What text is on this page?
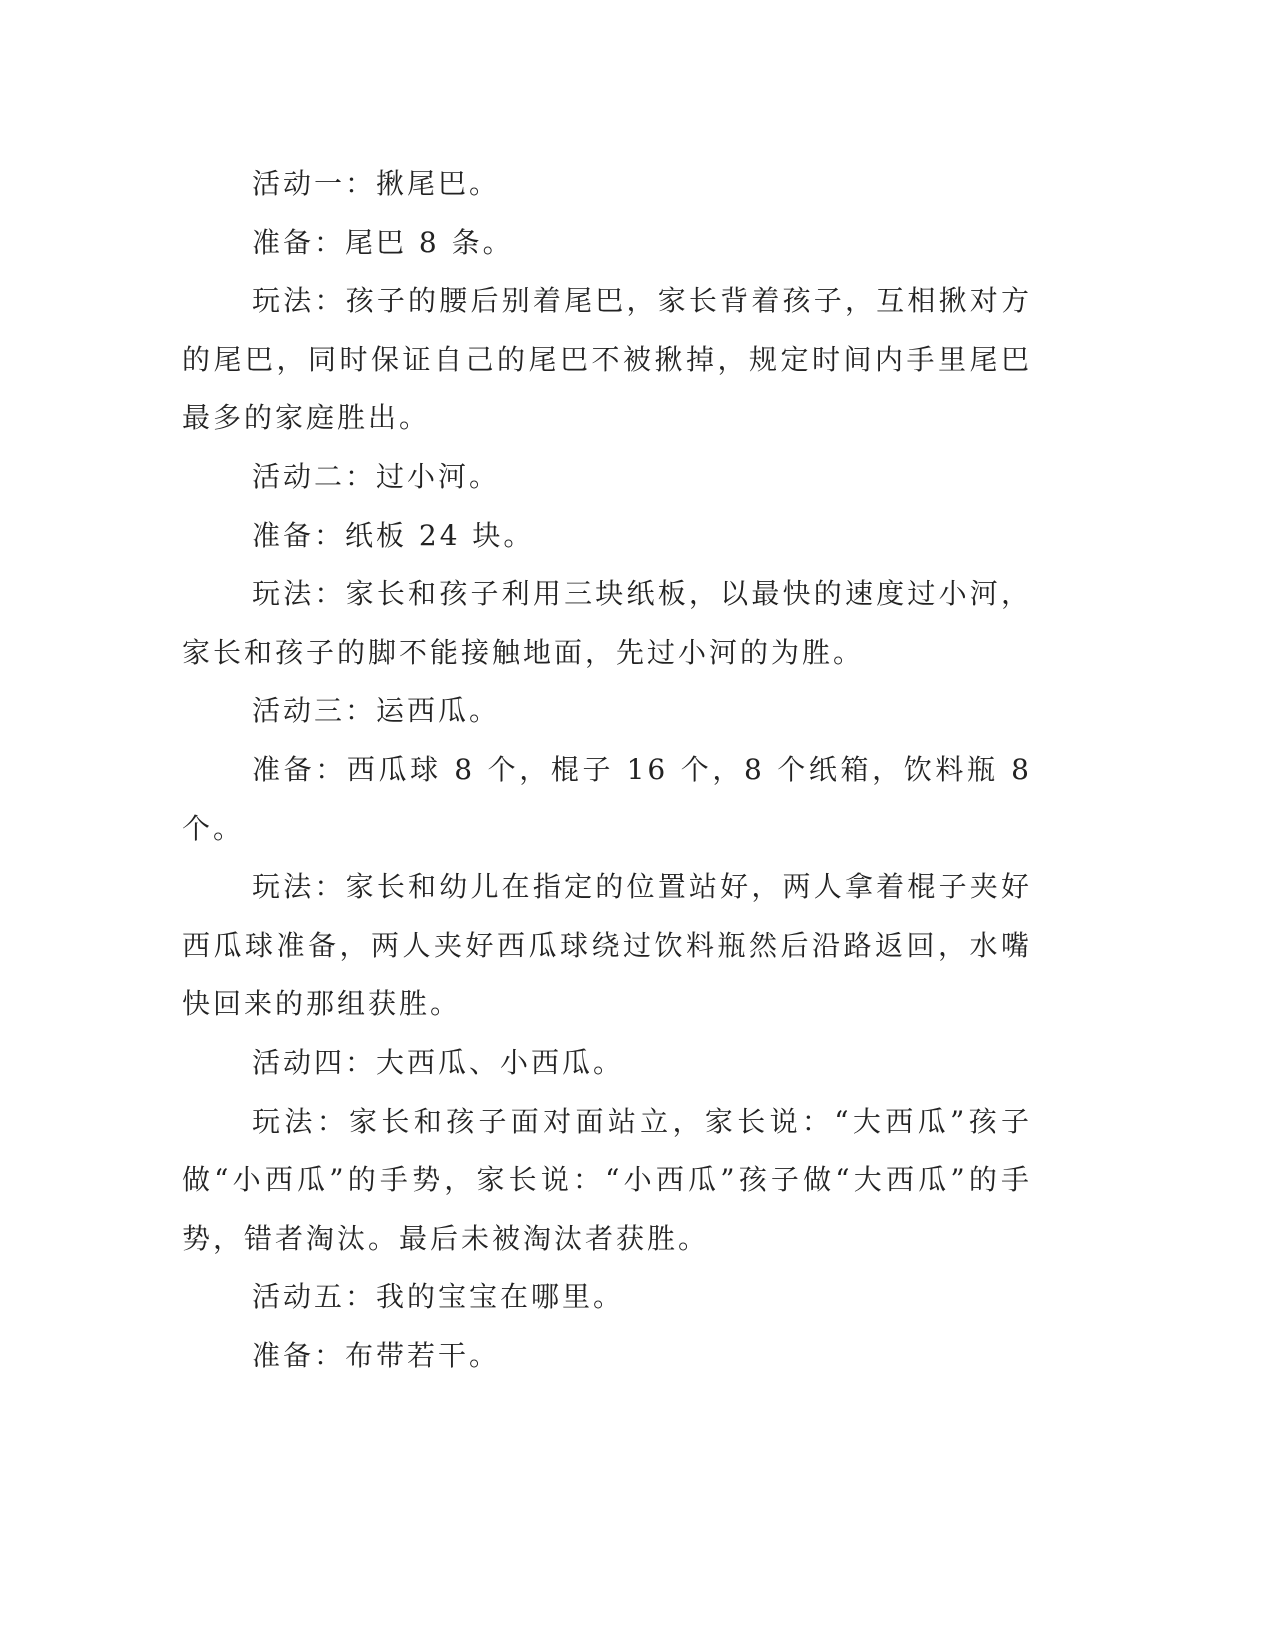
活动一：揪尾巴。

准备：尾巴 8 条。

玩法：孩子的腰后别着尾巴，家长背着孩子，互相揪对方的尾巴，同时保证自己的尾巴不被揪掉，规定时间内手里尾巴最多的家庭胜出。

活动二：过小河。

准备：纸板 24 块。

玩法：家长和孩子利用三块纸板，以最快的速度过小河，家长和孩子的脚不能接触地面，先过小河的为胜。

活动三：运西瓜。

准备：西瓜球 8 个，棍子 16 个，8 个纸箱，饮料瓶 8 个。

玩法：家长和幼儿在指定的位置站好，两人拿着棍子夹好西瓜球准备，两人夹好西瓜球绕过饮料瓶然后沿路返回，水嘴快回来的那组获胜。

活动四：大西瓜、小西瓜。

玩法：家长和孩子面对面站立，家长说：“大西瓜”孩子做“小西瓜”的手势，家长说：“小西瓜”孩子做“大西瓜”的手势，错者淘汰。最后未被淘汰者获胜。

活动五：我的宝宝在哪里。

准备：布带若干。
